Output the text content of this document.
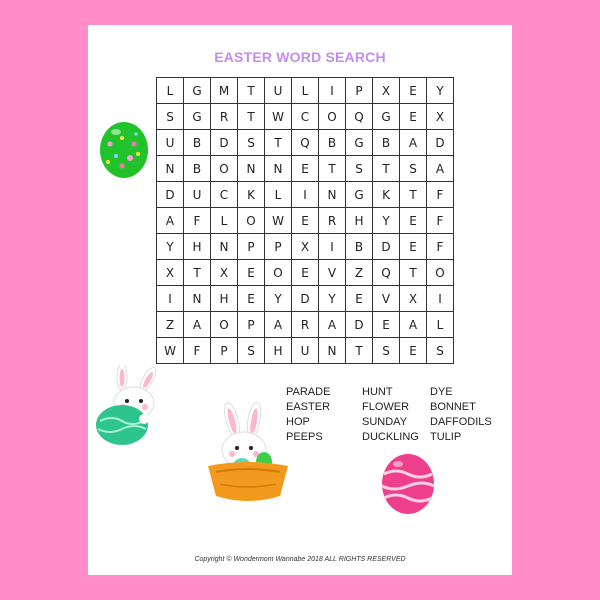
EASTER WORD SEARCH
L	G	M	T	U	L	I	P	X	E	Y
S	G	R	T	W	C	O	Q	G	E	X
U	B	D	S	T	Q	B	G	B	A	D
N	B	O	N	N	E	T	S	T	S	A
D	U	C	K	L	I	N	G	K	T	F
A	F	L	O	W	E	R	H	Y	E	F
Y	H	N	P	P	X	I	B	D	E	F
X	T	X	E	O	E	V	Z	Q	T	O
I	N	H	E	Y	D	Y	E	V	X	I
Z	A	O	P	A	R	A	D	E	A	L
W	F	P	S	H	U	N	T	S	E	S
PARADE
EASTER
HOP
PEEPS
HUNT
FLOWER
SUNDAY
DUCKLING
DYE
BONNET
DAFFODILS
TULIP
Copyright © Wondermom Wannabe 2018 ALL RIGHTS RESERVED
